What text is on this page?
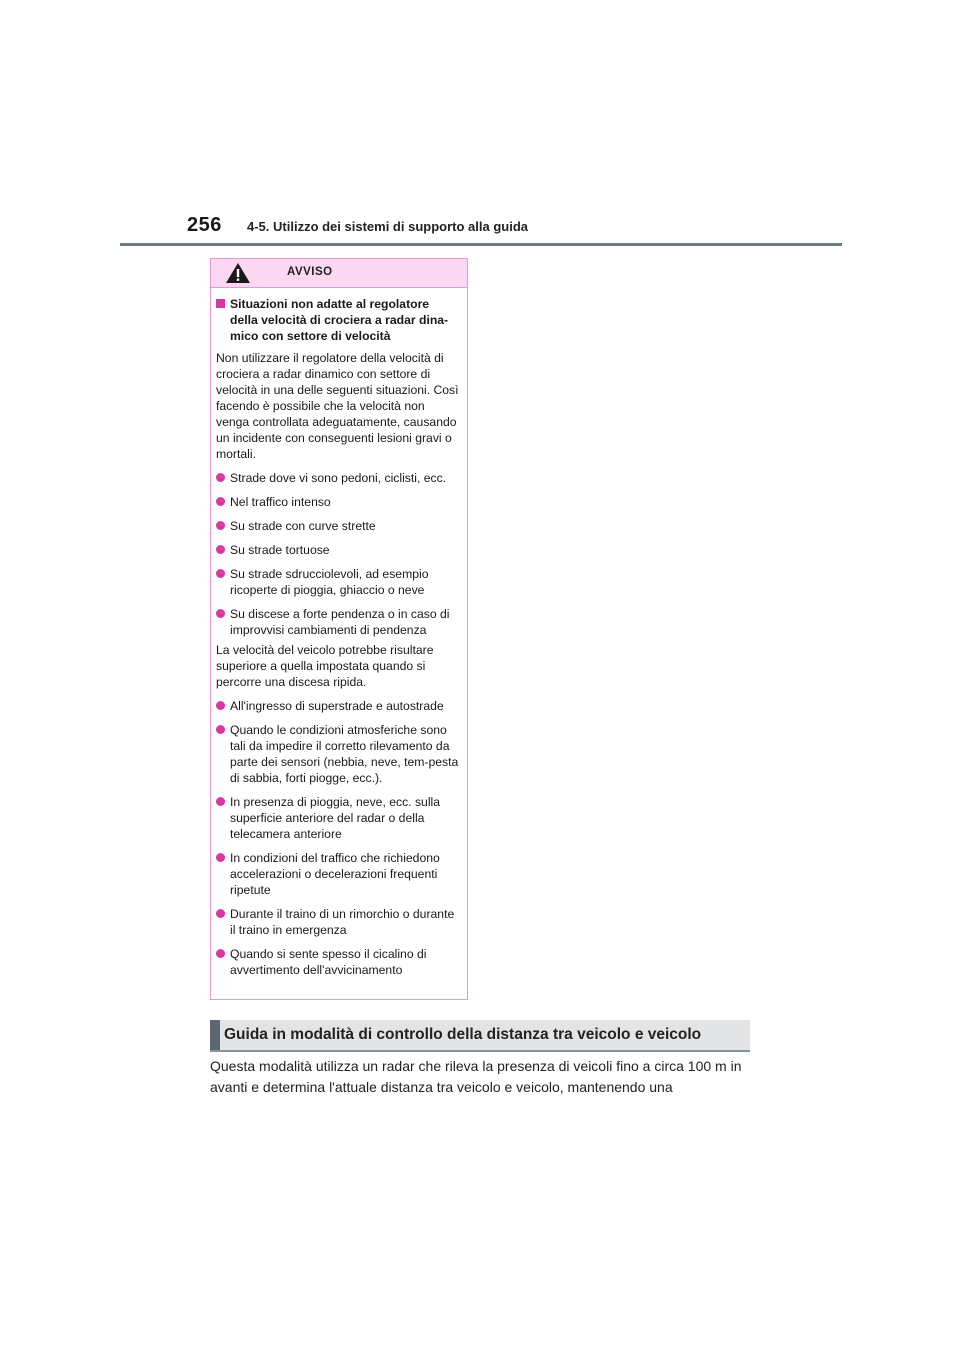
256 4-5. Utilizzo dei sistemi di supporto alla guida
AVVISO
Situazioni non adatte al regolatore della velocità di crociera a radar dina-mico con settore di velocità
Non utilizzare il regolatore della velocità di crociera a radar dinamico con settore di velocità in una delle seguenti situazioni. Così facendo è possibile che la velocità non venga controllata adeguatamente, causando un incidente con conseguenti lesioni gravi o mortali.
Strade dove vi sono pedoni, ciclisti, ecc.
Nel traffico intenso
Su strade con curve strette
Su strade tortuose
Su strade sdrucciolevoli, ad esempio ricoperte di pioggia, ghiaccio o neve
Su discese a forte pendenza o in caso di improvvisi cambiamenti di pendenza
La velocità del veicolo potrebbe risultare superiore a quella impostata quando si percorre una discesa ripida.
All'ingresso di superstrade e autostrade
Quando le condizioni atmosferiche sono tali da impedire il corretto rilevamento da parte dei sensori (nebbia, neve, tem-pesta di sabbia, forti piogge, ecc.).
In presenza di pioggia, neve, ecc. sulla superficie anteriore del radar o della telecamera anteriore
In condizioni del traffico che richiedono accelerazioni o decelerazioni frequenti ripetute
Durante il traino di un rimorchio o durante il traino in emergenza
Quando si sente spesso il cicalino di avvertimento dell'avvicinamento
Guida in modalità di controllo della distanza tra veicolo e veicolo
Questa modalità utilizza un radar che rileva la presenza di veicoli fino a circa 100 m in avanti e determina l'attuale distanza tra veicolo e veicolo, mantenendo una
